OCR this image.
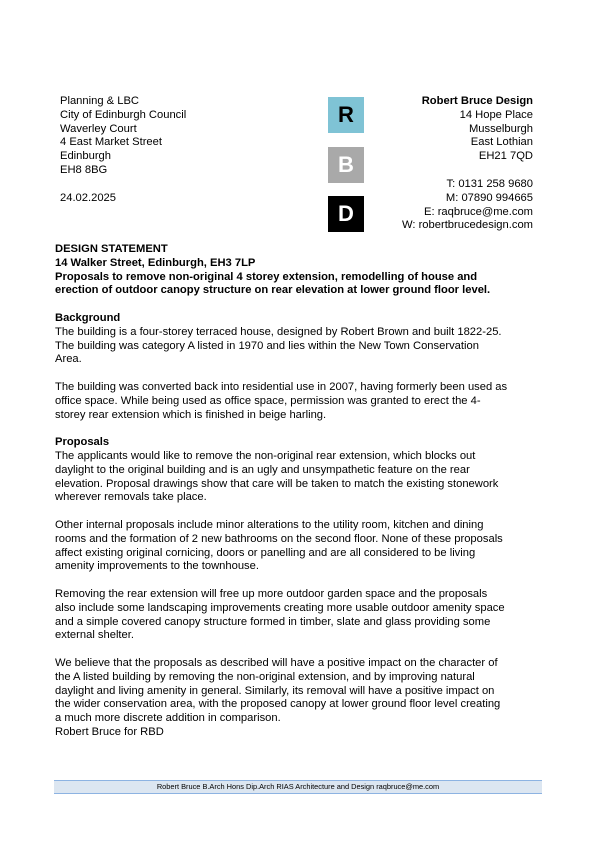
Planning & LBC
City of Edinburgh Council
Waverley Court
4 East Market Street
Edinburgh
EH8 8BG
24.02.2025
R
B
D
Robert Bruce Design
14 Hope Place
Musselburgh
East Lothian
EH21 7QD
T: 0131 258 9680
M: 07890 994665
E: raqbruce@me.com
W: robertbrucedesign.com

DESIGN STATEMENT

14 Walker Street, Edinburgh, EH3 7LP

Proposals to remove non-original 4 storey extension, remodelling of house and

erection of outdoor canopy structure on rear elevation at lower ground floor level.

Background

The building is a four-storey terraced house, designed by Robert Brown and built 1822-25.

The building was category A listed in 1970 and lies within the New Town Conservation

Area.

The building was converted back into residential use in 2007, having formerly been used as

office space. While being used as office space, permission was granted to erect the 4-

storey rear extension which is finished in beige harling.

Proposals

The applicants would like to remove the non-original rear extension, which blocks out

daylight to the original building and is an ugly and unsympathetic feature on the rear

elevation. Proposal drawings show that care will be taken to match the existing stonework

wherever removals take place.

Other internal proposals include minor alterations to the utility room, kitchen and dining

rooms and the formation of 2 new bathrooms on the second floor. None of these proposals

affect existing original cornicing, doors or panelling and are all considered to be living

amenity improvements to the townhouse.

Removing the rear extension will free up more outdoor garden space and the proposals

also include some landscaping improvements creating more usable outdoor amenity space

and a simple covered canopy structure formed in timber, slate and glass providing some

external shelter.

We believe that the proposals as described will have a positive impact on the character of

the A listed building by removing the non-original extension, and by improving natural

daylight and living amenity in general. Similarly, its removal will have a positive impact on

the wider conservation area, with the proposed canopy at lower ground floor level creating

a much more discrete addition in comparison.

Robert Bruce for RBD

Robert Bruce B.Arch Hons Dip.Arch RIAS Architecture and Design raqbruce@me.com
